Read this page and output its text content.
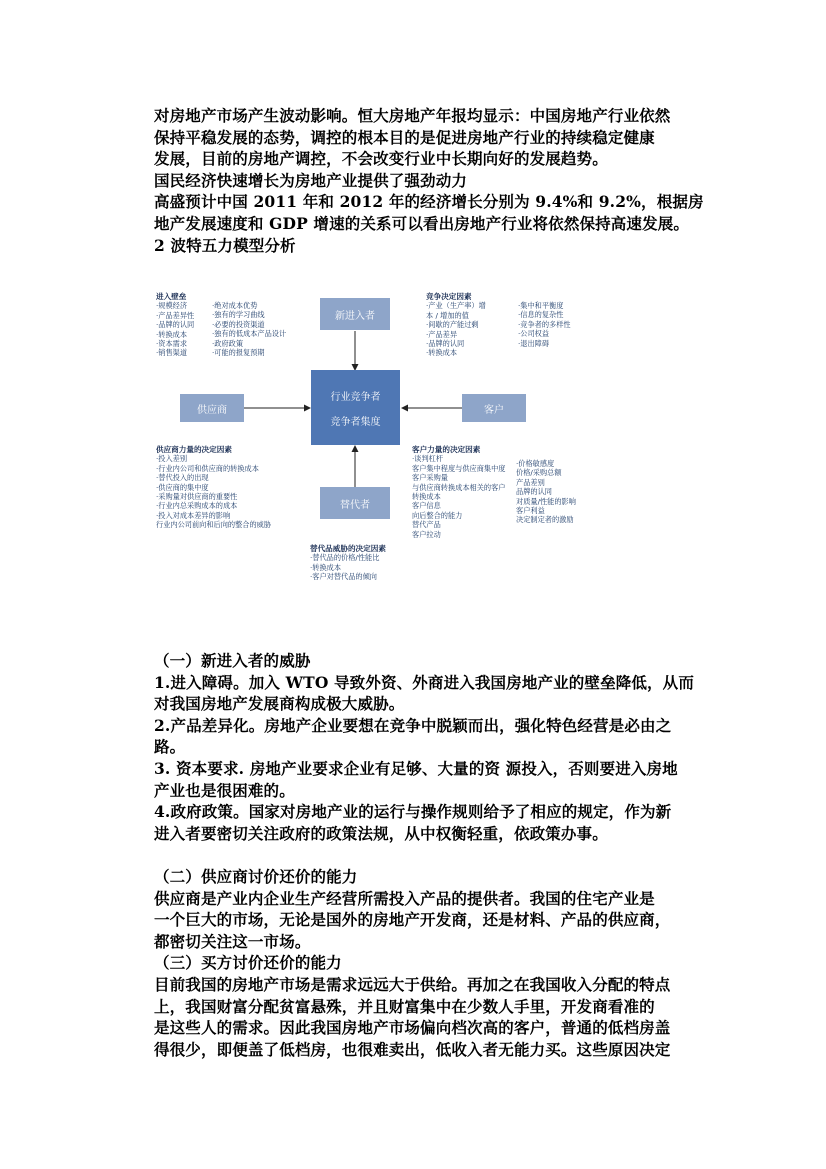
对房地产市场产生波动影响。恒大房地产年报均显示：中国房地产行业依然
保持平稳发展的态势，调控的根本目的是促进房地产行业的持续稳定健康
发展，目前的房地产调控，不会改变行业中长期向好的发展趋势。
国民经济快速增长为房地产业提供了强劲动力
高盛预计中国 2011 年和 2012 年的经济增长分别为 9.4%和 9.2%，根据房
地产发展速度和 GDP 增速的关系可以看出房地产行业将依然保持高速发展。
2 波特五力模型分析
新进入者
供应商	客户
替代者
行业竞争者
竞争者集度
进入壁垒
·规模经济
·产品差异性
·品牌的认同
·转换成本
·资本需求
·销售渠道
·绝对成本优势
·独有的学习曲线
·必要的投资渠道
·独有的低成本产品设计
·政府政策
·可能的报复预期
竞争决定因素
·产业（生产率）增
本 / 增加的值
·间歇的产能过剩
·产品差异
·品牌的认同
·转换成本
·集中和平衡度
·信息的复杂性
·竞争者的多样性
·公司权益
·退出障碍
供应商力量的决定因素
·投入差别
·行业内公司和供应商的转换成本
·替代投入的出现
·供应商的集中度
·采购量对供应商的重要性
·行业内总采购成本的成本
·投入对成本差异的影响
行业内公司前向和后向的整合的威胁
客户力量的决定因素
·谈判杠杆
客户集中程度与供应商集中度
客户采购量
与供应商转换成本相关的客户
转换成本
客户信息
向后整合的能力
替代产品
客户拉动
·价格敏感度
价格/采购总额
产品差别
品牌的认同
对质量/性能的影响
客户利益
决定制定者的激励
替代品威胁的决定因素
·替代品的价格/性能比
·转换成本
·客户对替代品的倾向
（一）新进入者的威胁
1.进入障碍。加入 WTO 导致外资、外商进入我国房地产业的壁垒降低，从而
对我国房地产发展商构成极大威胁。
2.产品差异化。房地产企业要想在竞争中脱颖而出，强化特色经营是必由之
路。
3. 资本要求. 房地产业要求企业有足够、大量的资 源投入，否则要进入房地
产业也是很困难的。
4.政府政策。国家对房地产业的运行与操作规则给予了相应的规定，作为新
进入者要密切关注政府的政策法规，从中权衡轻重，依政策办事。
（二）供应商讨价还价的能力
供应商是产业内企业生产经营所需投入产品的提供者。我国的住宅产业是
一个巨大的市场，无论是国外的房地产开发商，还是材料、产品的供应商，
都密切关注这一市场。
（三）买方讨价还价的能力
目前我国的房地产市场是需求远远大于供给。再加之在我国收入分配的特点
上，我国财富分配贫富悬殊，并且财富集中在少数人手里，开发商看准的
是这些人的需求。因此我国房地产市场偏向档次高的客户，普通的低档房盖
得很少，即便盖了低档房，也很难卖出，低收入者无能力买。这些原因决定
